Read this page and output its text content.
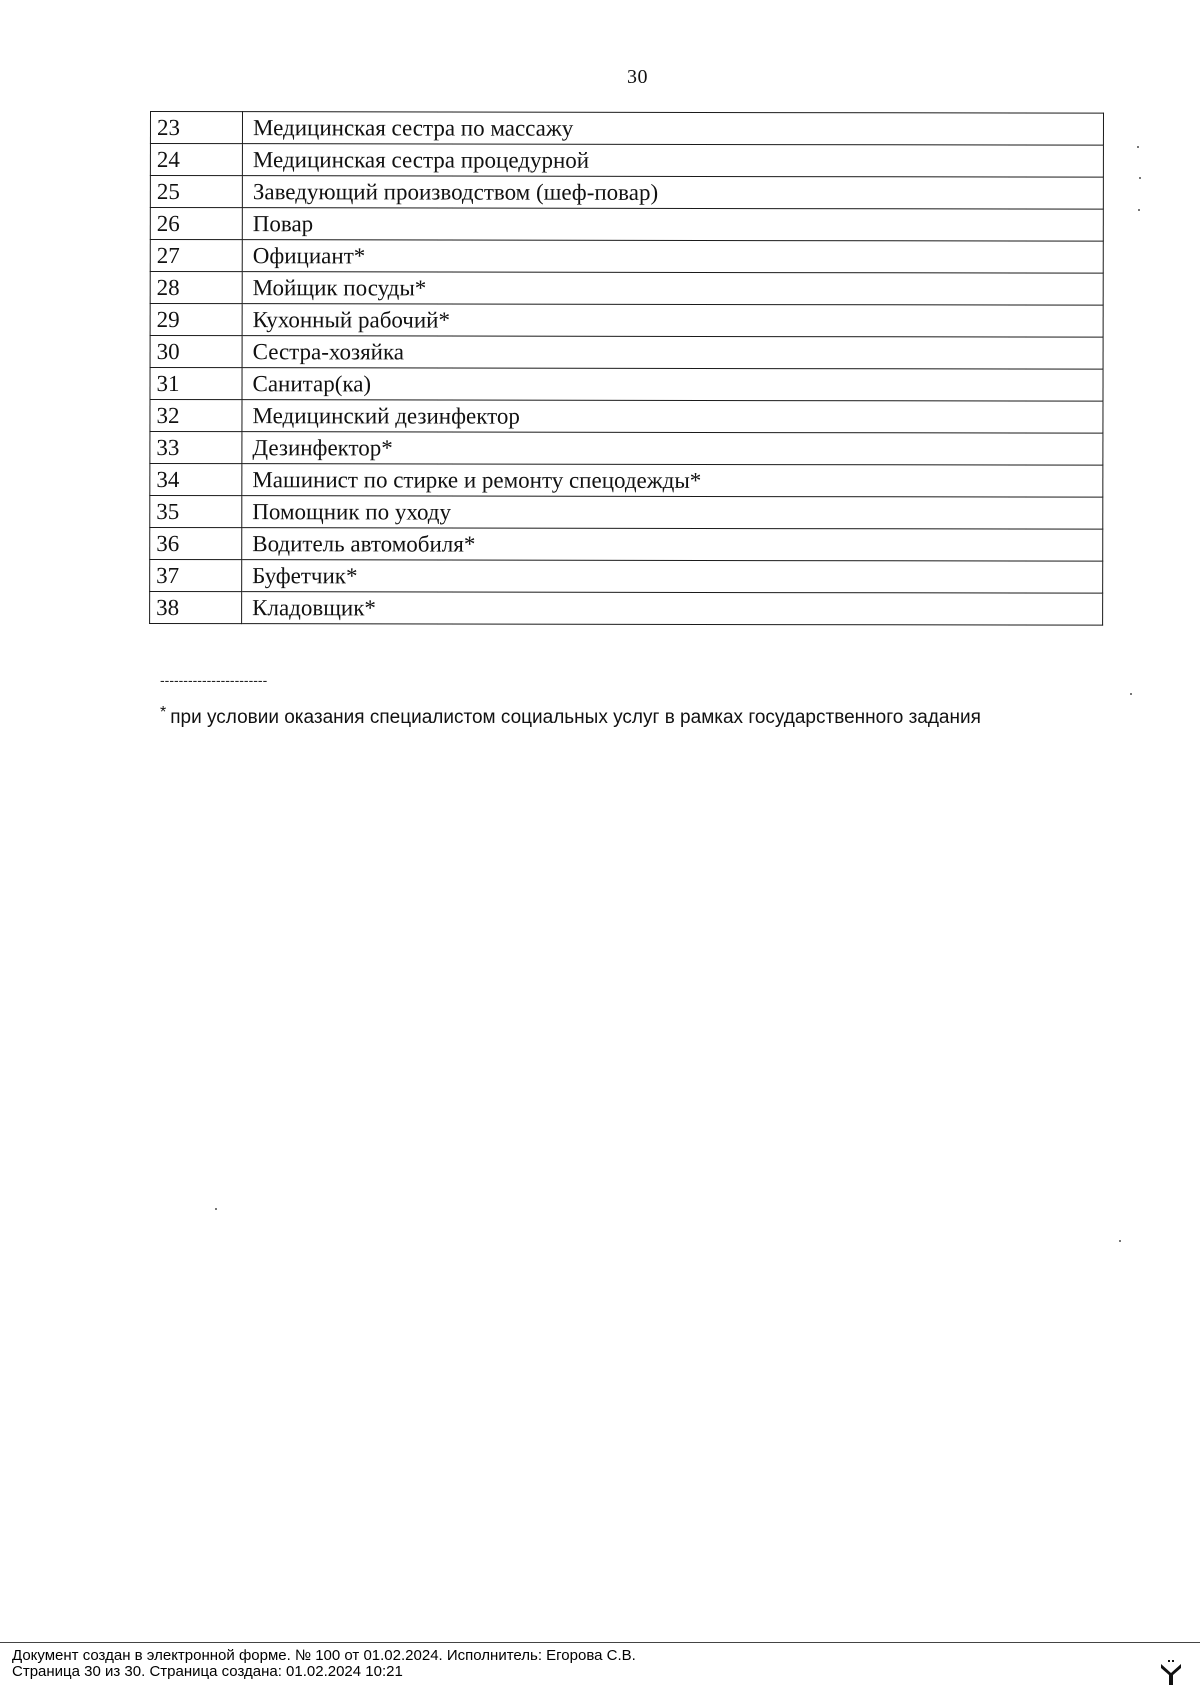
30
23	Медицинская сестра по массажу
24	Медицинская сестра процедурной
25	Заведующий производством (шеф-повар)
26	Повар
27	Официант*
28	Мойщик посуды*
29	Кухонный рабочий*
30	Сестра-хозяйка
31	Санитар(ка)
32	Медицинский дезинфектор
33	Дезинфектор*
34	Машинист по стирке и ремонту спецодежды*
35	Помощник по уходу
36	Водитель автомобиля*
37	Буфетчик*
38	Кладовщик*
-----------------------
* при условии оказания специалистом социальных услуг в рамках государственного задания
Документ создан в электронной форме. № 100 от 01.02.2024. Исполнитель: Егорова С.В.
Страница 30 из 30. Страница создана: 01.02.2024 10:21
